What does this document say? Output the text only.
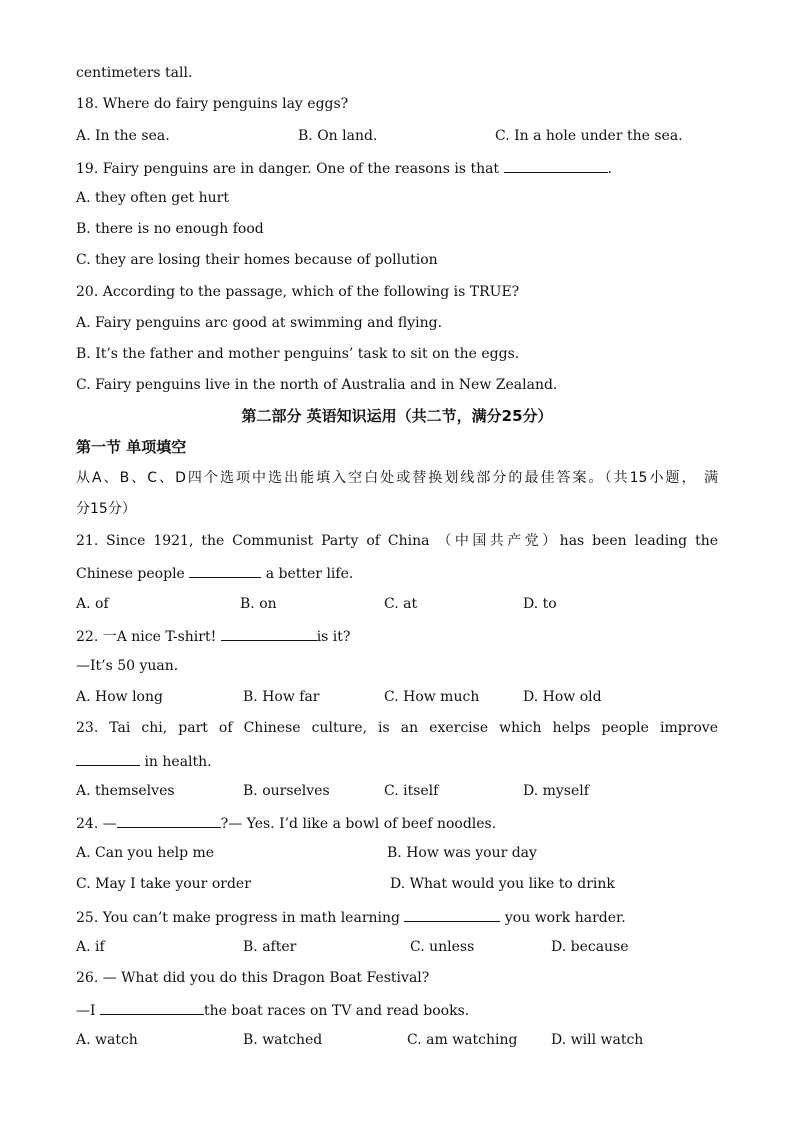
centimeters tall.
18. Where do fairy penguins lay eggs?
A. In the sea.	B. On land.	C. In a hole under the sea.
19. Fairy penguins are in danger. One of the reasons is that	.
A. they often get hurt
B. there is no enough food
C. they are losing their homes because of pollution
20. According to the passage, which of the following is TRUE?
A. Fairy penguins arc good at swimming and flying.
B. It’s the father and mother penguins’ task to sit on the eggs.
C. Fairy penguins live in the north of Australia and in New Zealand.
第二部分 英语知识运用（共二节，满分25分）
第一节 单项填空
从A、B、C、D四个选项中选出能填入空白处或替换划线部分的最佳答案。（共15小题， 满
分15分）
21. Since 1921, the Communist Party of China （中国共产党）has been leading the
Chinese people	a better life.
A. of	B. on	C. at	D. to
22. 一A nice T-shirt!	is it?
—It’s 50 yuan.
A. How long	B. How far	C. How much	D. How old
23. Tai chi, part of Chinese culture, is an exercise which helps people improve
in health.
A. themselves	B. ourselves	C. itself	D. myself
24. —	?— Yes. I’d like a bowl of beef noodles.
A. Can you help me	B. How was your day
C. May I take your order	D. What would you like to drink
25. You can’t make progress in math learning	you work harder.
A. if	B. after	C. unless	D. because
26. — What did you do this Dragon Boat Festival?
—I	the boat races on TV and read books.
A. watch	B. watched	C. am watching D. will watch
